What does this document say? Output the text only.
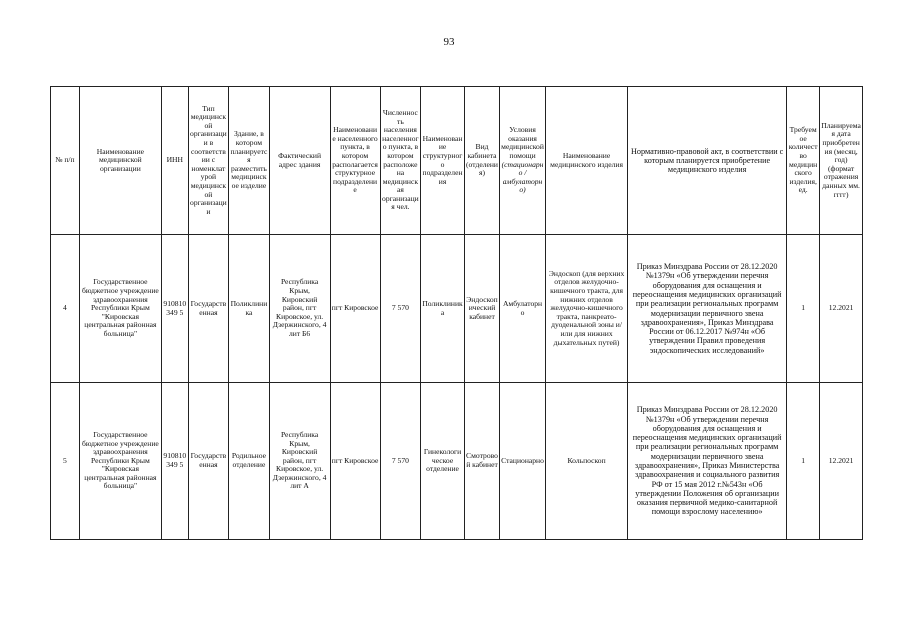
93
№ п/п	Наименование медицинской организации	ИНН	Тип медицинской организации в соответствии с номенклатурой медицинской организации	Здание, в котором планируется разместить медицинское изделие	Фактический адрес здания	Наименование населенного пункта, в котором располагается структурное подразделение	Численность населения населенного пункта, в котором расположена медицинская организация чел.	Наименование структурного подразделения	Вид кабинета (отделения)	Условия оказания медицинской помощи (стационарно / амбулаторно)	Наименование медицинского изделия	Нормативно-правовой акт, в соответствии с которым планируется приобретение медицинского изделия	Требуемое количество медицинского изделия, ед.	Планируемая дата приобретения (месяц, год) (формат отражения данных мм. гггг)
4	Государственное бюджетное учреждение здравоохранения Республики Крым "Кировская центральная районная больница"	910810349 5	Государственная	Поликлиника	Республика Крым, Кировский район, пгт Кировское, ул. Дзержинского, 4 лит Б6	пгт Кировское	7 570	Поликлиника	Эндоскопический кабинет	Амбулаторно	Эндоскоп (для верхних отделов желудочно-кишечного тракта, для нижних отделов желудочно-кишечного тракта, панкреато-дуоденальной зоны и/или для нижних дыхательных путей)	Приказ Минздрава России от 28.12.2020 №1379н «Об утверждении перечня оборудования для оснащения и переоснащения медицинских организаций при реализации региональных программ модернизации первичного звена здравоохранения», Приказ Минздрава России от 06.12.2017 №974н «Об утверждении Правил проведения эндоскопических исследований»	1	12.2021
5	Государственное бюджетное учреждение здравоохранения Республики Крым "Кировская центральная районная больница"	910810349 5	Государственная	Родильное отделение	Республика Крым, Кировский район, пгт Кировское, ул. Дзержинского, 4 лит А	пгт Кировское	7 570	Гинекологическое отделение	Смотровой кабинет	Стационарно	Кольпоскоп	Приказ Минздрава России от 28.12.2020 №1379н «Об утверждении перечня оборудования для оснащения и переоснащения медицинских организаций при реализации региональных программ модернизации первичного звена здравоохранения», Приказ Министерства здравоохранения и социального развития РФ от 15 мая 2012 г.№543н «Об утверждении Положения об организации оказания первичной медико-санитарной помощи взрослому населению»	1	12.2021
